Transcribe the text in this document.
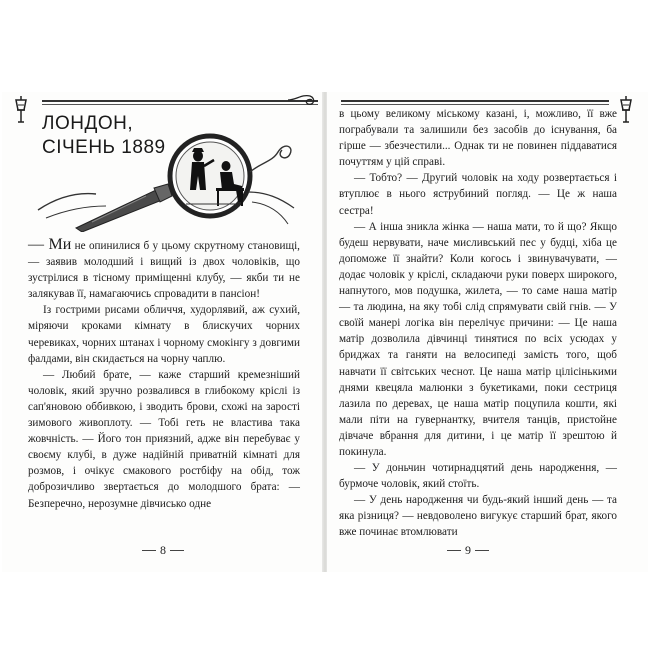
ЛОНДОН,
СІЧЕНЬ 1889

— Ми не опинилися б у цьому скрутному становищі, — заявив молодший і вищий із двох чоловіків, що зустрілися в тісному приміщенні клубу, — якби ти не залякував її, намагаючись спровадити в пансіон!

Із гострими рисами обличчя, худорлявий, аж сухий, міряючи кроками кімнату в блискучих чорних черевиках, чорних штанах і чорному смокінгу з довгими фалдами, він скидається на чорну чаплю.

— Любий брате, — каже старший кремезніший чоловік, який зручно розвалився в глибокому кріслі із сап'яновою оббивкою, і зводить брови, схожі на зарості зимового живоплоту. — Тобі геть не властива така жовчність. — Його тон приязний, адже він перебуває у своєму клубі, в дуже надійній приватній кімнаті для розмов, і очікує смакового ростбіфу на обід, тож доброзичливо звертається до молодшого брата: — Безперечно, нерозумне дівчисько одне

8

в цьому великому міському казані, і, можливо, її вже пограбували та залишили без засобів до існування, ба гірше — збезчестили... Однак ти не повинен піддаватися почуттям у цій справі.

— Тобто? — Другий чоловік на ходу розвертається і втуплює в нього яструбиний погляд. — Це ж наша сестра!

— А інша зникла жінка — наша мати, то й що? Якщо будеш нервувати, наче мисливський пес у будці, хіба це допоможе її знайти? Коли когось і звинувачувати, — додає чоловік у кріслі, складаючи руки поверх широкого, напнутого, мов подушка, жилета, — то саме наша матір — та людина, на яку тобі слід спрямувати свій гнів. — У своїй манері логіка він перелічує причини: — Це наша матір дозволила дівчинці тинятися по всіх усюдах у бриджах та ганяти на велосипеді замість того, щоб навчати її світських чеснот. Це наша матір цілісінькими днями квецяла малюнки з букетиками, поки сестриця лазила по деревах, це наша матір поцупила кошти, які мали піти на гувернантку, вчителя танців, пристойне дівчаче вбрання для дитини, і це матір її зрештою й покинула.

— У доньчин чотирнадцятий день народження, — бурмоче чоловік, який стоїть.

— У день народження чи будь-який інший день — та яка різниця? — невдоволено вигукує старший брат, якого вже починає втомлювати

9
